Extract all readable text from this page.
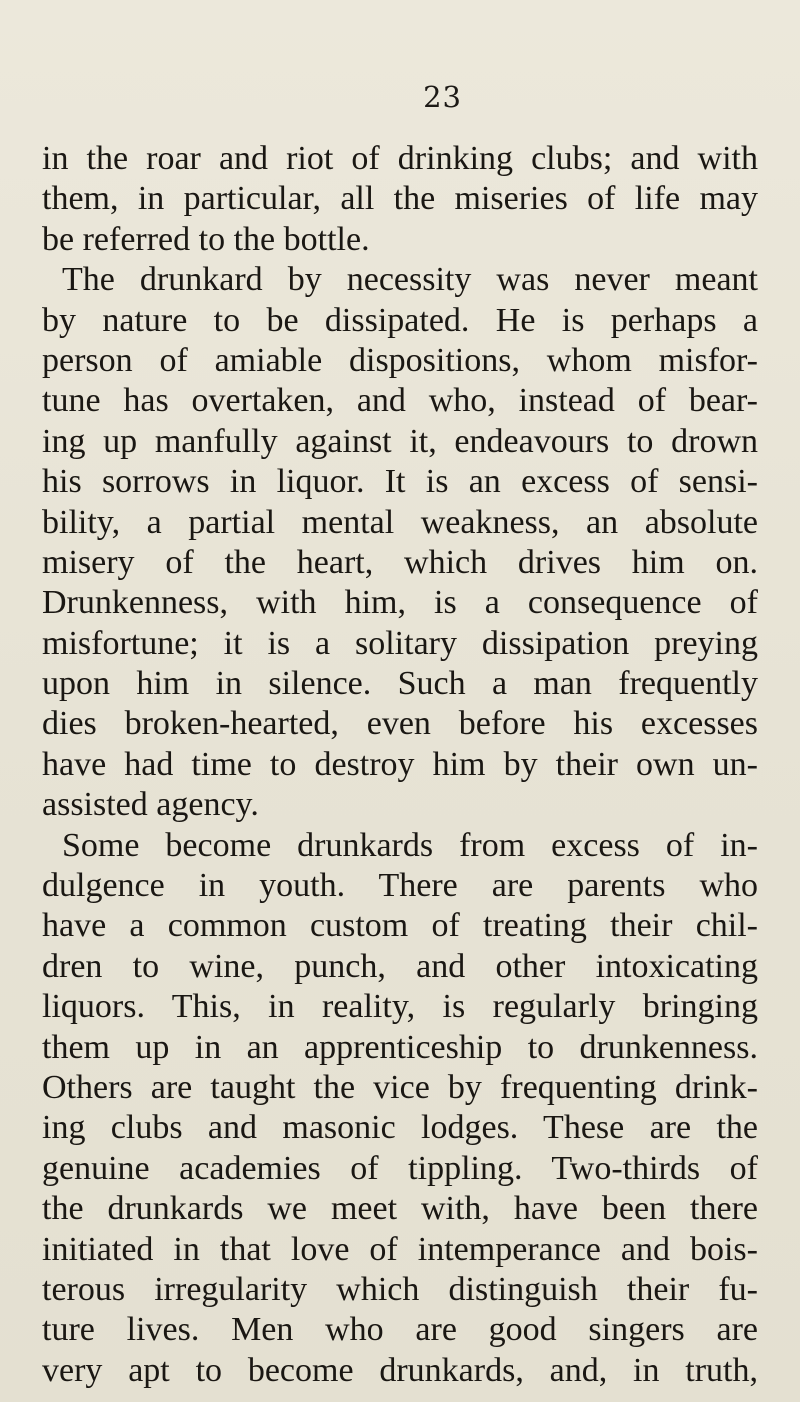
23

in the roar and riot of drinking clubs; and with
them, in particular, all the miseries of life may
be referred to the bottle.
The drunkard by necessity was never meant
by nature to be dissipated. He is perhaps a
person of amiable dispositions, whom misfor-
tune has overtaken, and who, instead of bear-
ing up manfully against it, endeavours to drown
his sorrows in liquor. It is an excess of sensi-
bility, a partial mental weakness, an absolute
misery of the heart, which drives him on.
Drunkenness, with him, is a consequence of
misfortune; it is a solitary dissipation preying
upon him in silence. Such a man frequently
dies broken-hearted, even before his excesses
have had time to destroy him by their own un-
assisted agency.
Some become drunkards from excess of in-
dulgence in youth. There are parents who
have a common custom of treating their chil-
dren to wine, punch, and other intoxicating
liquors. This, in reality, is regularly bringing
them up in an apprenticeship to drunkenness.
Others are taught the vice by frequenting drink-
ing clubs and masonic lodges. These are the
genuine academies of tippling. Two-thirds of
the drunkards we meet with, have been there
initiated in that love of intemperance and bois-
terous irregularity which distinguish their fu-
ture lives. Men who are good singers are
very apt to become drunkards, and, in truth,
